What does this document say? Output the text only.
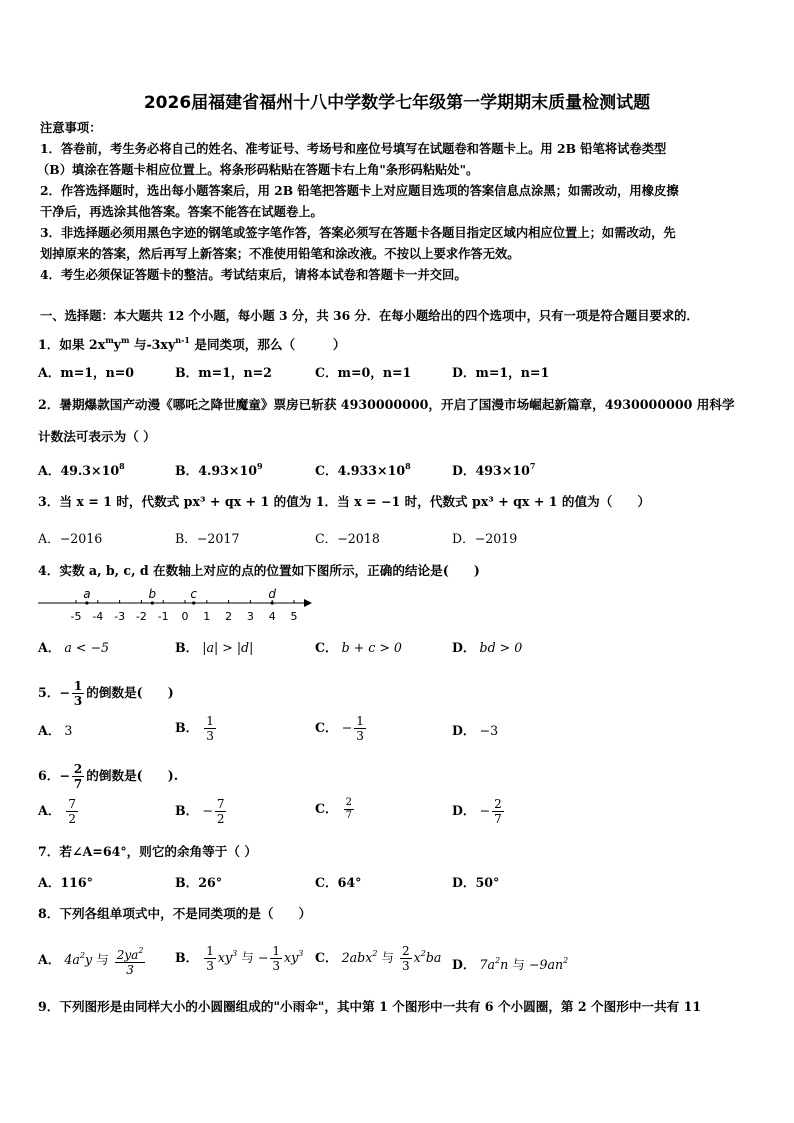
2026届福建省福州十八中学数学七年级第一学期期末质量检测试题
注意事项：
1．答卷前，考生务必将自己的姓名、准考证号、考场号和座位号填写在试题卷和答题卡上。用 2B 铅笔将试卷类型
（B）填涂在答题卡相应位置上。将条形码粘贴在答题卡右上角"条形码粘贴处"。
2．作答选择题时，选出每小题答案后，用 2B 铅笔把答题卡上对应题目选项的答案信息点涂黑；如需改动，用橡皮擦
干净后，再选涂其他答案。答案不能答在试题卷上。
3．非选择题必须用黑色字迹的钢笔或签字笔作答，答案必须写在答题卡各题目指定区域内相应位置上；如需改动，先
划掉原来的答案，然后再写上新答案；不准使用铅笔和涂改液。不按以上要求作答无效。
4．考生必须保证答题卡的整洁。考试结束后，请将本试卷和答题卡一并交回。
一、选择题：本大题共 12 个小题，每小题 3 分，共 36 分．在每小题给出的四个选项中，只有一项是符合题目要求的．
1．如果 $2x^my^m$ 与$-3xy^{n-1}$ 是同类项，那么（　　　）
A．m=1，n=0	B．m=1，n=2	C．m=0，n=1	D．m=1，n=1
2．暑期爆款国产动漫《哪吒之降世魔童》票房已斩获 4930000000，开启了国漫市场崛起新篇章，4930000000 用科学
计数法可表示为（ ）
A．$49.3\times 10^8$	B．$4.93\times 10^9$	C．$4.933\times 10^8$	D．$493\times 10^7$
3．当 x = 1 时，代数式 px³ + qx + 1 的值为 1．当 x = −1 时，代数式 px³ + qx + 1 的值为（　　）
A．−2016	B．−2017	C．−2018	D．−2019
4．实数 a, b, c, d 在数轴上对应的点的位置如下图所示，正确的结论是(　　)
-5 -4 -3 -2 -1 0 1 2 3 4 5
a	b	c	d
A． a < −5	B． |a| > |d|	C． b + c > 0	D． bd > 0
5．− $\frac{1}{3}$ 的倒数是(　　)
A． 3	B． $\frac{1}{3}$	C． − $\frac{1}{3}$	D． −3
6．− $\frac{2}{7}$ 的倒数是(　　).
A． $\frac{7}{2}$	B． − $\frac{7}{2}$	C． $\frac{2}{7}$	D． − $\frac{2}{7}$
7．若∠A=64°，则它的余角等于（ ）
A．116°	B．26°	C．64°	D．50°
8．下列各组单项式中，不是同类项的是（　　）
A． $4a^2y$ 与 $\frac{2ya^2}{3}$ B． $\frac{1}{3} xy^3$ 与 − $\frac{1}{3} xy^3$ C． 2abx$^2$ 与 $\frac{2}{3} x^2ba$ D． $7a^2n$ 与 $-9an^2$
9．下列图形是由同样大小的小圆圈组成的"小雨伞"，其中第 1 个图形中一共有 6 个小圆圈，第 2 个图形中一共有 11
